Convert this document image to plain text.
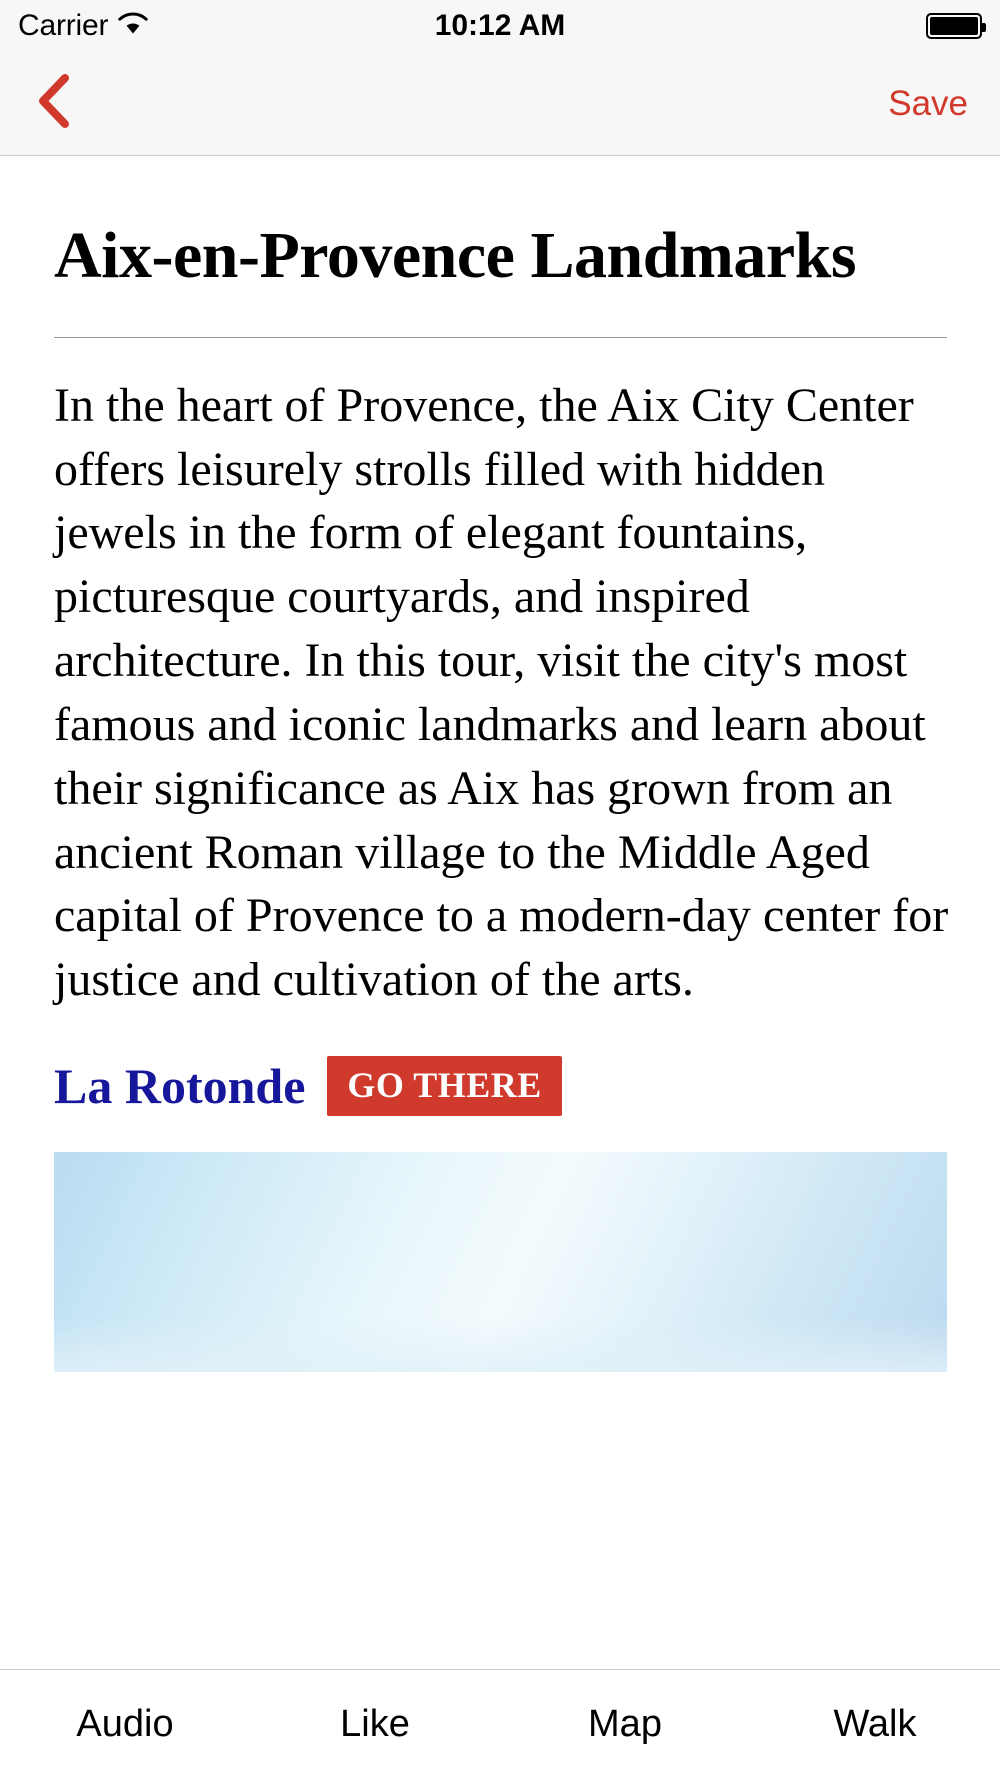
Carrier	10:12 AM
Save
Aix-en-Provence Landmarks

In the heart of Provence, the Aix City Center offers leisurely strolls filled with hidden jewels in the form of elegant fountains, picturesque courtyards, and inspired architecture. In this tour, visit the city's most famous and iconic landmarks and learn about their significance as Aix has grown from an ancient Roman village to the Middle Aged capital of Provence to a modern-day center for justice and cultivation of the arts.

La Rotonde	GO THERE
Audio	Like	Map	Walk
